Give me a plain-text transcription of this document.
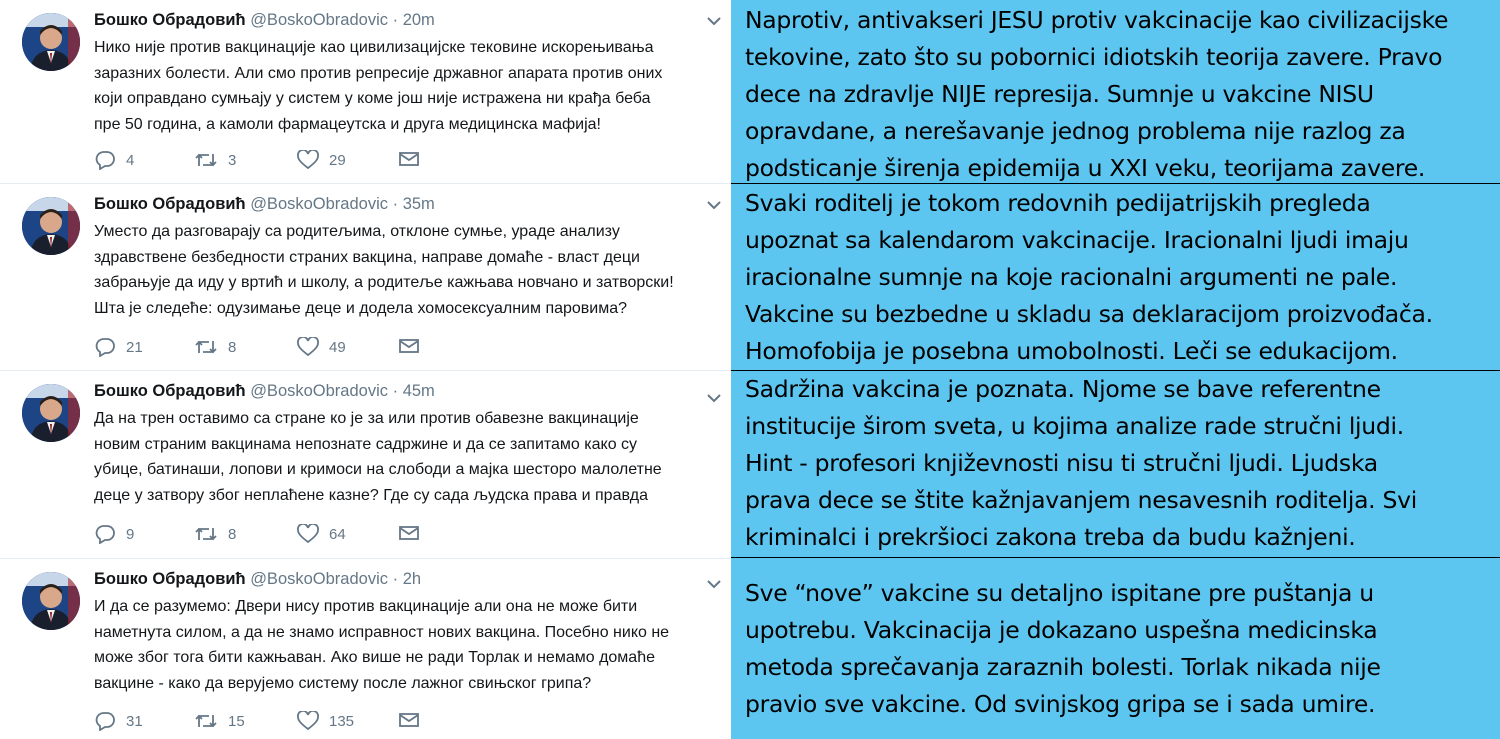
Бошко Обрадовић @BoskoObradovic · 20m
Нико није против вакцинације као цивилизацијске тековине искорењивања
заразних болести. Али смо против репресије државног апарата против оних
који оправдано сумњају у систем у коме још није истражена ни крађа беба
пре 50 година, а камоли фармацеутска и друга медицинска мафија!
4	3	29
Бошко Обрадовић @BoskoObradovic · 35m
Уместо да разговарају са родитељима, отклоне сумње, ураде анализу
здравствене безбедности страних вакцина, направе домаће - власт деци
забрањује да иду у вртић и школу, а родитеље кажњава новчано и затворски!
Шта је следеће: одузимање деце и додела хомосексуалним паровима?
21	8	49
Бошко Обрадовић @BoskoObradovic · 45m
Да на трен оставимо са стране ко је за или против обавезне вакцинације
новим страним вакцинама непознате садржине и да се запитамо како су
убице, батинаши, лопови и кримоси на слободи а мајка шесторо малолетне
деце у затвору због неплаћене казне? Где су сада људска права и правда
9	8	64
Бошко Обрадовић @BoskoObradovic · 2h
И да се разумемо: Двери нису против вакцинације али она не може бити
наметнута силом, а да не знамо исправност нових вакцина. Посебно нико не
може због тога бити кажњаван. Ако више не ради Торлак и немамо домаће
вакцине - како да верујемо систему после лажног свињског грипа?
31	15	135
Naprotiv, antivakseri JESU protiv vakcinacije kao civilizacijske
tekovine, zato što su pobornici idiotskih teorija zavere. Pravo
dece na zdravlje NIJE represija. Sumnje u vakcine NISU
opravdane, a nerešavanje jednog problema nije razlog za
podsticanje širenja epidemija u XXI veku, teorijama zavere.
Svaki roditelj je tokom redovnih pedijatrijskih pregleda
upoznat sa kalendarom vakcinacije. Iracionalni ljudi imaju
iracionalne sumnje na koje racionalni argumenti ne pale.
Vakcine su bezbedne u skladu sa deklaracijom proizvođača.
Homofobija je posebna umobolnosti. Leči se edukacijom.
Sadržina vakcina je poznata. Njome se bave referentne
institucije širom sveta, u kojima analize rade stručni ljudi.
Hint - profesori književnosti nisu ti stručni ljudi. Ljudska
prava dece se štite kažnjavanjem nesavesnih roditelja. Svi
kriminalci i prekršioci zakona treba da budu kažnjeni.
Sve “nove” vakcine su detaljno ispitane pre puštanja u
upotrebu. Vakcinacija je dokazano uspešna medicinska
metoda sprečavanja zaraznih bolesti. Torlak nikada nije
pravio sve vakcine. Od svinjskog gripa se i sada umire.
